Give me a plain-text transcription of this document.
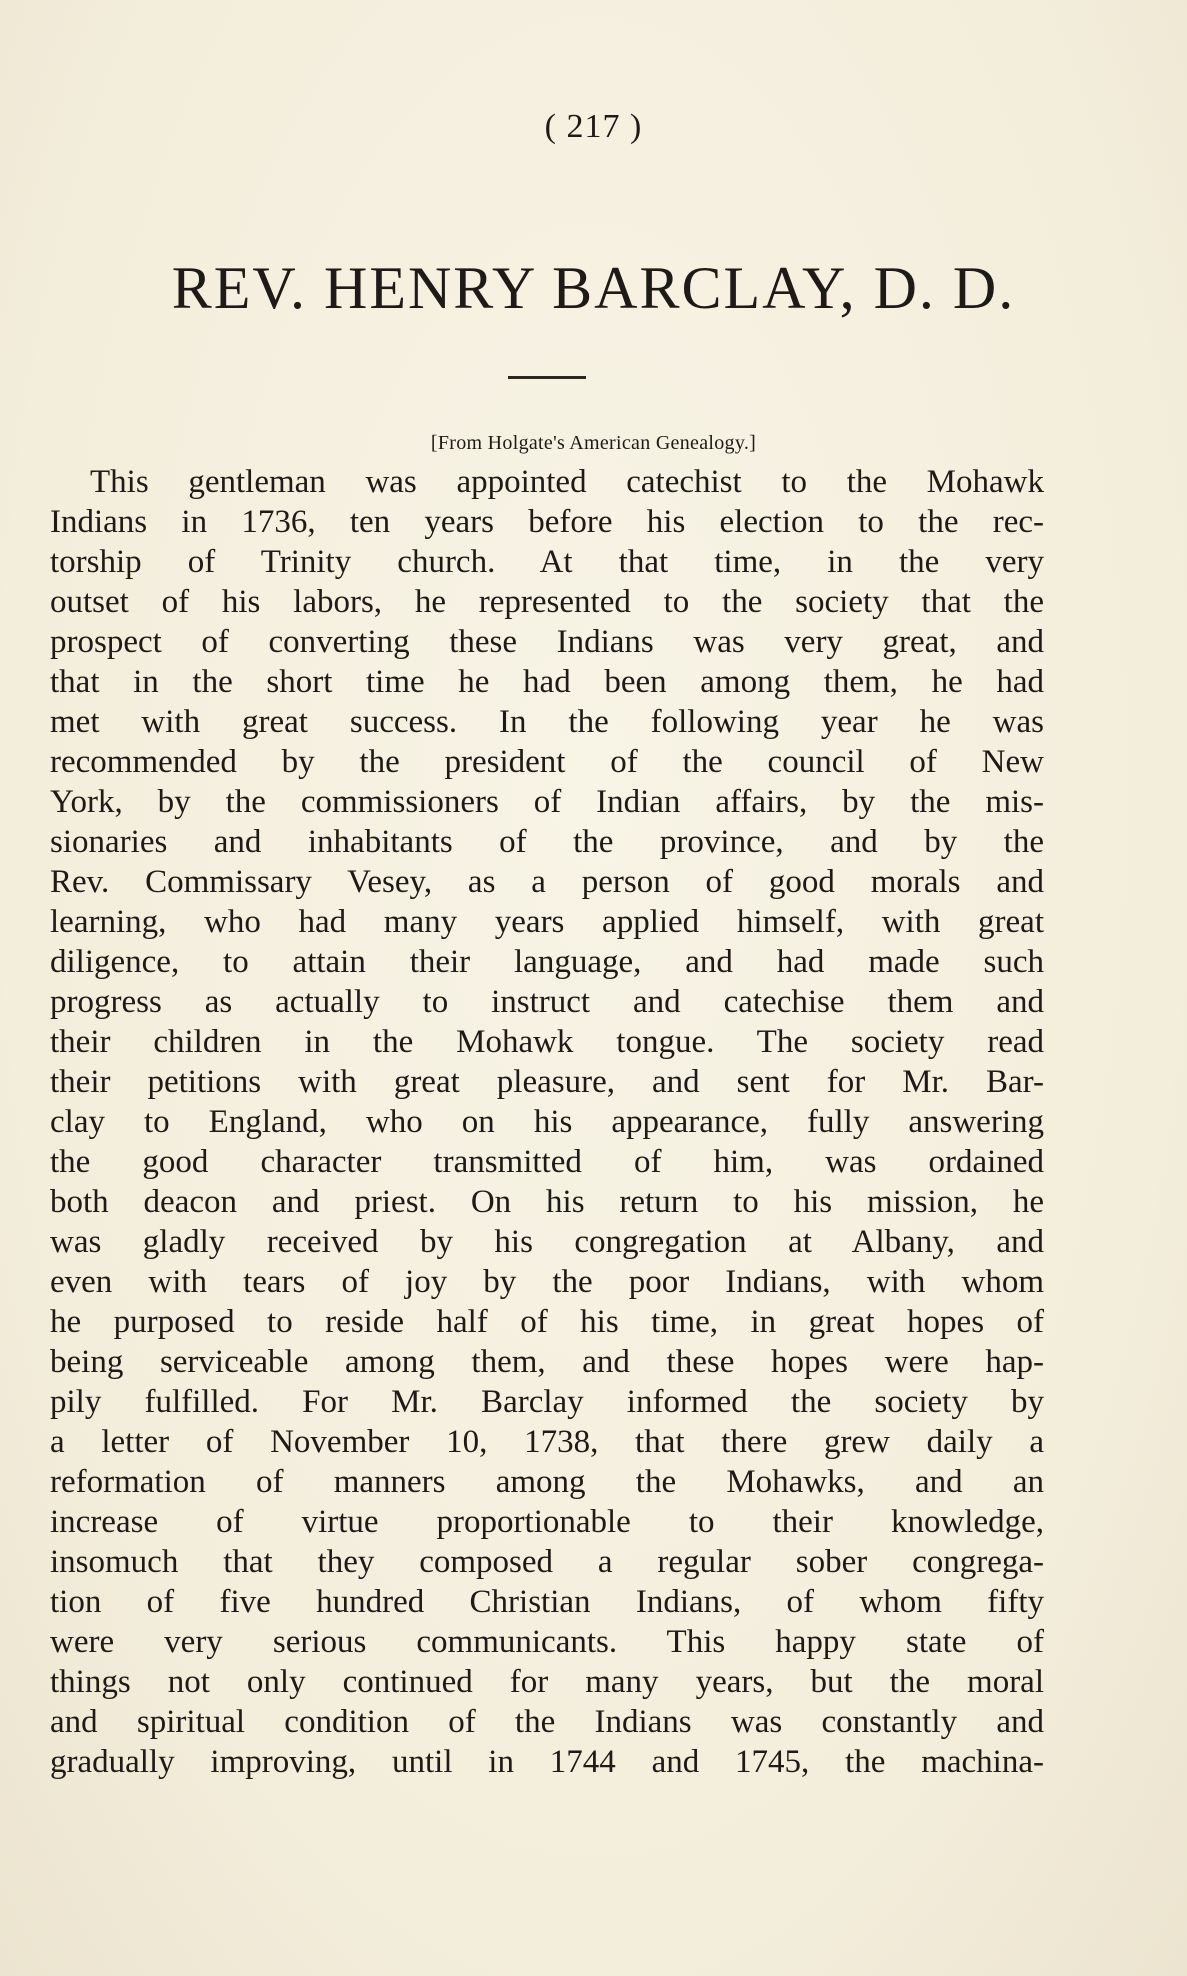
( 217 )
REV. HENRY BARCLAY, D. D.
[From Holgate's American Genealogy.]
This gentleman was appointed catechist to the Mohawk
Indians in 1736, ten years before his election to the rec-
torship of Trinity church. At that time, in the very
outset of his labors, he represented to the society that the
prospect of converting these Indians was very great, and
that in the short time he had been among them, he had
met with great success. In the following year he was
recommended by the president of the council of New
York, by the commissioners of Indian affairs, by the mis-
sionaries and inhabitants of the province, and by the
Rev. Commissary Vesey, as a person of good morals and
learning, who had many years applied himself, with great
diligence, to attain their language, and had made such
progress as actually to instruct and catechise them and
their children in the Mohawk tongue. The society read
their petitions with great pleasure, and sent for Mr. Bar-
clay to England, who on his appearance, fully answering
the good character transmitted of him, was ordained
both deacon and priest. On his return to his mission, he
was gladly received by his congregation at Albany, and
even with tears of joy by the poor Indians, with whom
he purposed to reside half of his time, in great hopes of
being serviceable among them, and these hopes were hap-
pily fulfilled. For Mr. Barclay informed the society by
a letter of November 10, 1738, that there grew daily a
reformation of manners among the Mohawks, and an
increase of virtue proportionable to their knowledge,
insomuch that they composed a regular sober congrega-
tion of five hundred Christian Indians, of whom fifty
were very serious communicants. This happy state of
things not only continued for many years, but the moral
and spiritual condition of the Indians was constantly and
gradually improving, until in 1744 and 1745, the machina-
